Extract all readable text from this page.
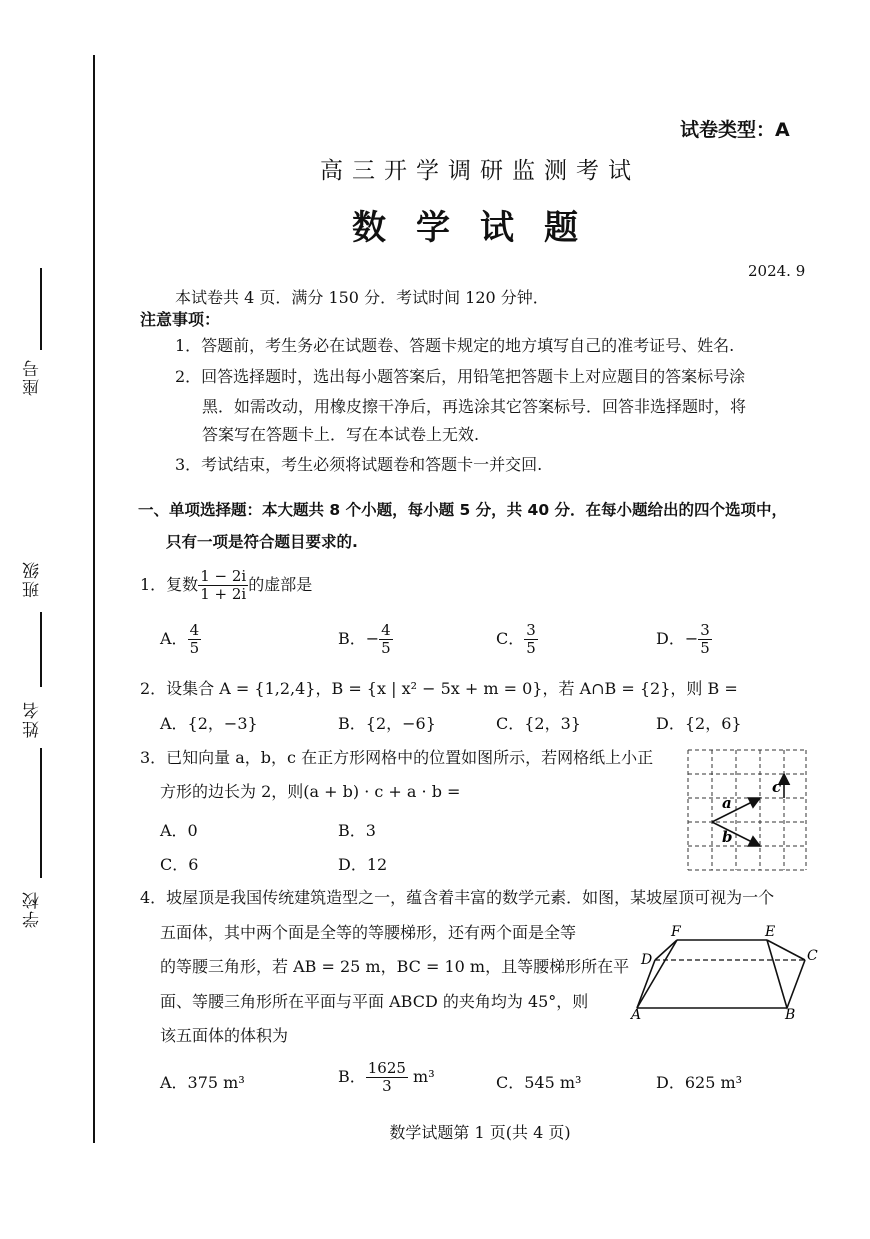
座号
班级
姓名
学校
试卷类型：A
高三开学调研监测考试
数学试题
2024. 9
本试卷共 4 页．满分 150 分．考试时间 120 分钟．
注意事项：
1．答题前，考生务必在试题卷、答题卡规定的地方填写自己的准考证号、姓名.
2．回答选择题时，选出每小题答案后，用铅笔把答题卡上对应题目的答案标号涂
黑．如需改动，用橡皮擦干净后，再选涂其它答案标号．回答非选择题时，将
答案写在答题卡上．写在本试卷上无效.
3．考试结束，考生必须将试题卷和答题卡一并交回.
一、单项选择题：本大题共 8 个小题，每小题 5 分，共 40 分．在每小题给出的四个选项中，
只有一项是符合题目要求的.
1．复数 $\frac{1 - 2i}{1 + 2i}$ 的虚部是
A． $\frac{4}{5}$	B．− $\frac{4}{5}$	C． $\frac{3}{5}$	D．− $\frac{3}{5}$
2．设集合 A = {1,2,4}，B = {x | x² − 5x + m = 0}，若 A∩B = {2}，则 B =
A．{2，−3}	B．{2，−6}	C．{2，3}	D．{2，6}
3．已知向量 a，b，c 在正方形网格中的位置如图所示，若网格纸上小正
方形的边长为 2，则(a + b) · c + a · b =
A．0	B．3
C．6	D．12
a
b
c
4．坡屋顶是我国传统建筑造型之一，蕴含着丰富的数学元素．如图，某坡屋顶可视为一个
五面体，其中两个面是全等的等腰梯形，还有两个面是全等
的等腰三角形，若 AB = 25 m，BC = 10 m，且等腰梯形所在平
面、等腰三角形所在平面与平面 ABCD 的夹角均为 45°，则
该五面体的体积为
A	B
C
D
E
F
A．375 m³	B． $\frac{1625}{3} m^3$	C．545 m³	D．625 m³
数学试题第 1 页(共 4 页)
